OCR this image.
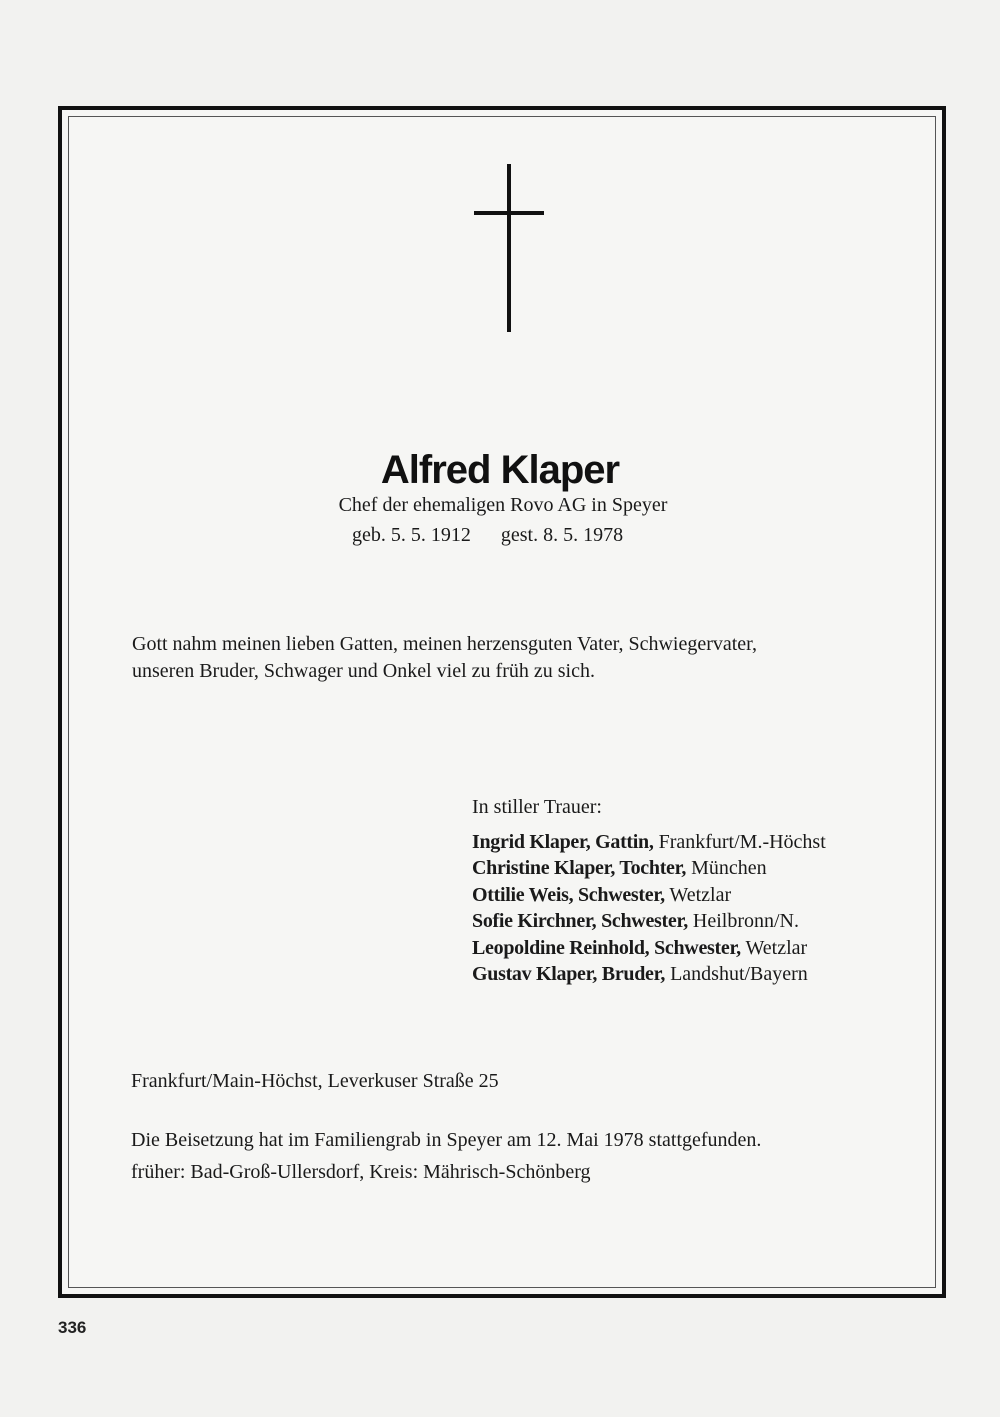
Alfred Klaper
Chef der ehemaligen Rovo AG in Speyer
geb. 5. 5. 1912 gest. 8. 5. 1978
Gott nahm meinen lieben Gatten, meinen herzensguten Vater, Schwiegervater,
unseren Bruder, Schwager und Onkel viel zu früh zu sich.
In stiller Trauer:
Ingrid Klaper, Gattin, Frankfurt/M.-Höchst
Christine Klaper, Tochter, München
Ottilie Weis, Schwester, Wetzlar
Sofie Kirchner, Schwester, Heilbronn/N.
Leopoldine Reinhold, Schwester, Wetzlar
Gustav Klaper, Bruder, Landshut/Bayern
Frankfurt/Main-Höchst, Leverkuser Straße 25
Die Beisetzung hat im Familiengrab in Speyer am 12. Mai 1978 stattgefunden.
früher: Bad-Groß-Ullersdorf, Kreis: Mährisch-Schönberg
336
